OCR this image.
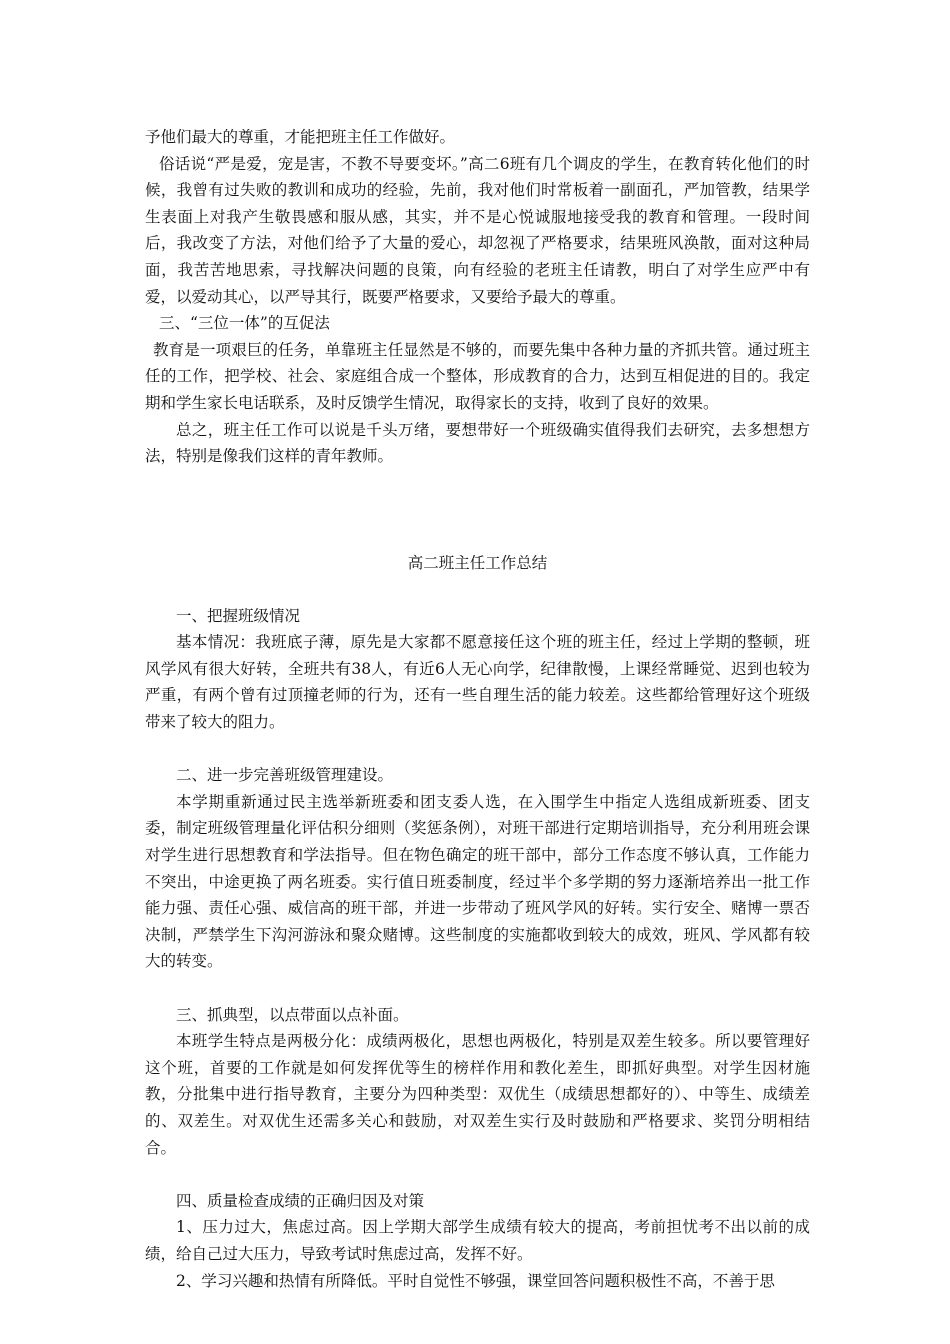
予他们最大的尊重，才能把班主任工作做好。

俗话说“严是爱，宠是害，不教不导要变坏。”高二6班有几个调皮的学生，在教育转化他们的时候，我曾有过失败的教训和成功的经验，先前，我对他们时常板着一副面孔，严加管教，结果学生表面上对我产生敬畏感和服从感，其实，并不是心悦诚服地接受我的教育和管理。一段时间后，我改变了方法，对他们给予了大量的爱心，却忽视了严格要求，结果班风涣散，面对这种局面，我苦苦地思索，寻找解决问题的良策，向有经验的老班主任请教，明白了对学生应严中有爱，以爱动其心，以严导其行，既要严格要求，又要给予最大的尊重。

三、“三位一体”的互促法

教育是一项艰巨的任务，单靠班主任显然是不够的，而要先集中各种力量的齐抓共管。通过班主任的工作，把学校、社会、家庭组合成一个整体，形成教育的合力，达到互相促进的目的。我定期和学生家长电话联系，及时反馈学生情况，取得家长的支持，收到了良好的效果。

总之，班主任工作可以说是千头万绪，要想带好一个班级确实值得我们去研究，去多想想方法，特别是像我们这样的青年教师。

高二班主任工作总结

一、把握班级情况

基本情况：我班底子薄，原先是大家都不愿意接任这个班的班主任，经过上学期的整顿，班风学风有很大好转，全班共有38人，有近6人无心向学，纪律散慢，上课经常睡觉、迟到也较为严重，有两个曾有过顶撞老师的行为，还有一些自理生活的能力较差。这些都给管理好这个班级带来了较大的阻力。

二、进一步完善班级管理建设。

本学期重新通过民主选举新班委和团支委人选，在入围学生中指定人选组成新班委、团支委，制定班级管理量化评估积分细则（奖惩条例），对班干部进行定期培训指导，充分利用班会课对学生进行思想教育和学法指导。但在物色确定的班干部中，部分工作态度不够认真，工作能力不突出，中途更换了两名班委。实行值日班委制度，经过半个多学期的努力逐渐培养出一批工作能力强、责任心强、威信高的班干部，并进一步带动了班风学风的好转。实行安全、赌博一票否决制，严禁学生下沟河游泳和聚众赌博。这些制度的实施都收到较大的成效，班风、学风都有较大的转变。

三、抓典型，以点带面以点补面。

本班学生特点是两极分化：成绩两极化，思想也两极化，特别是双差生较多。所以要管理好这个班，首要的工作就是如何发挥优等生的榜样作用和教化差生，即抓好典型。对学生因材施教，分批集中进行指导教育，主要分为四种类型：双优生（成绩思想都好的）、中等生、成绩差的、双差生。对双优生还需多关心和鼓励，对双差生实行及时鼓励和严格要求、奖罚分明相结合。

四、质量检查成绩的正确归因及对策

1、压力过大，焦虑过高。因上学期大部学生成绩有较大的提高，考前担忧考不出以前的成绩，给自己过大压力，导致考试时焦虑过高，发挥不好。

2、学习兴趣和热情有所降低。平时自觉性不够强，课堂回答问题积极性不高，不善于思
